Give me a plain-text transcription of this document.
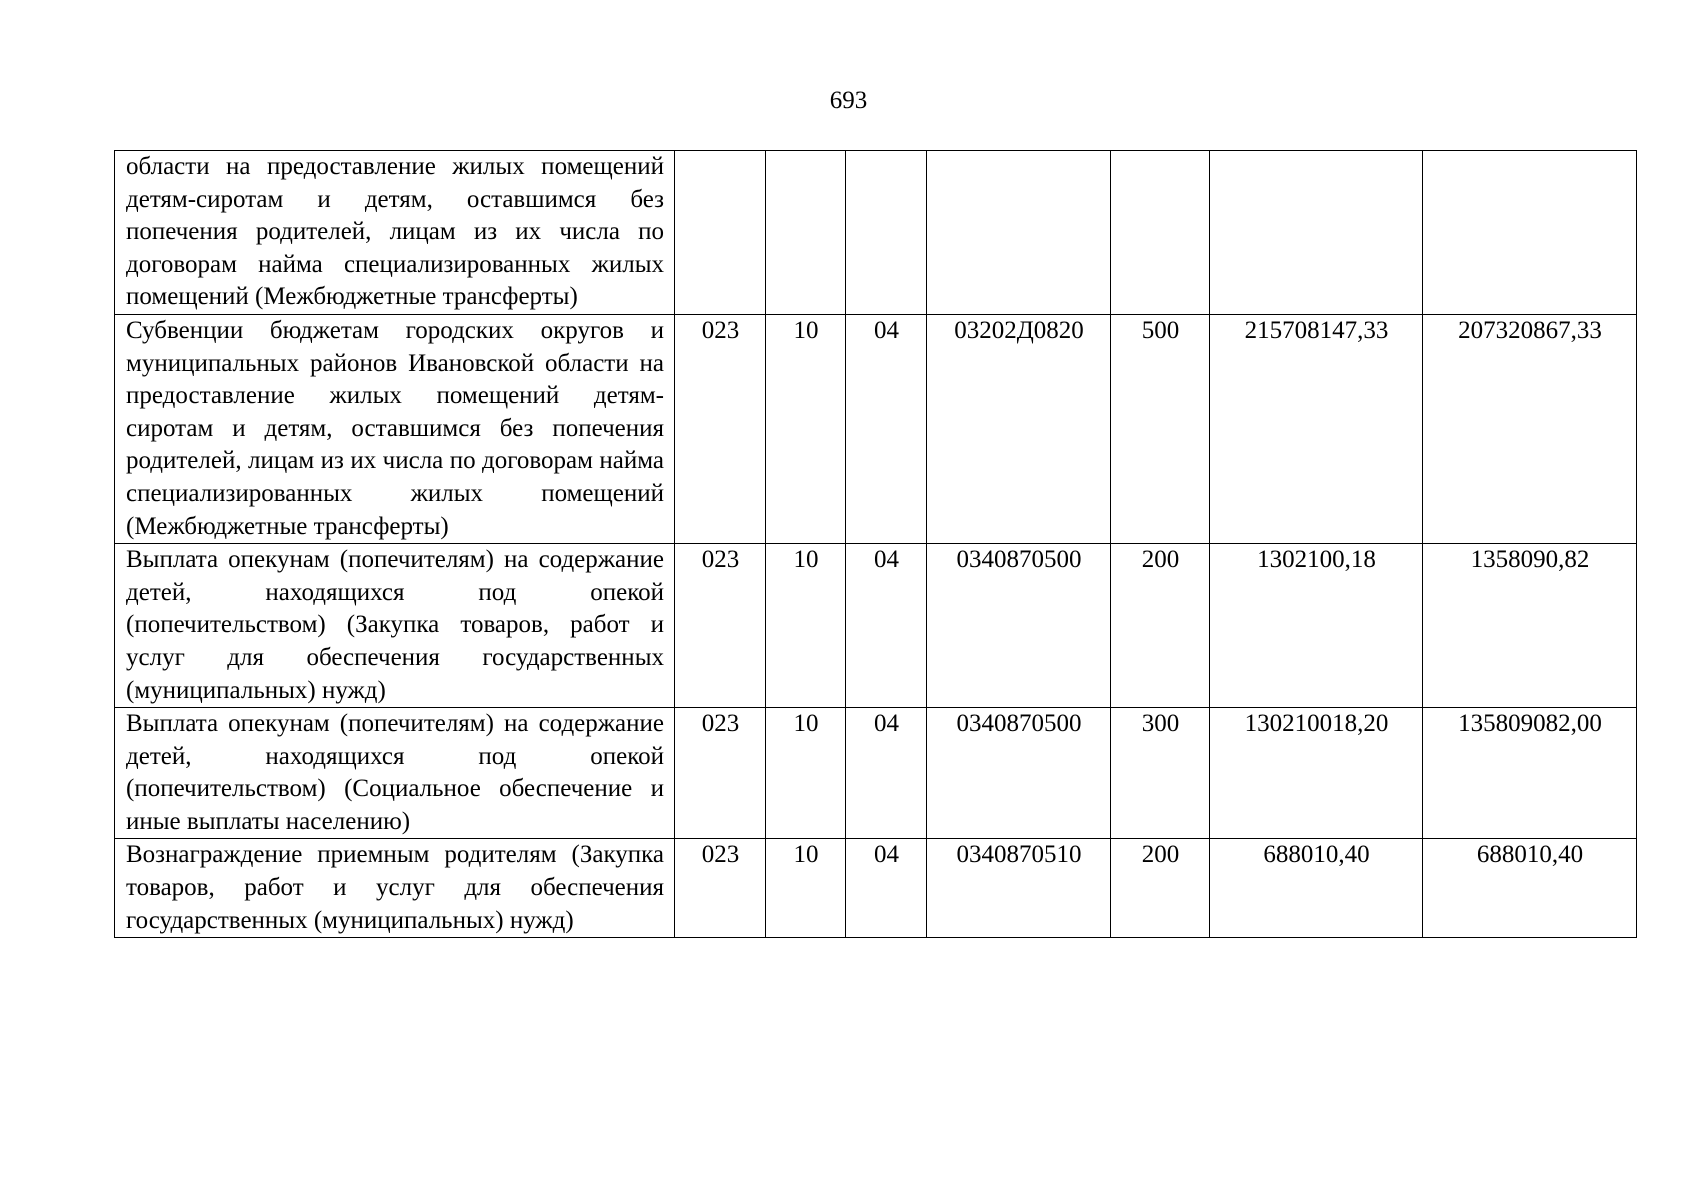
693
области на предоставление жилых помещений детям-сиротам и детям, оставшимся без попечения родителей, лицам из их числа по договорам найма специализированных жилых помещений (Межбюджетные трансферты)							
Субвенции бюджетам городских округов и муниципальных районов Ивановской области на предоставление жилых помещений детям-сиротам и детям, оставшимся без попечения родителей, лицам из их числа по договорам найма специализированных жилых помещений (Межбюджетные трансферты)	023	10	04	03202Д0820	500	215708147,33	207320867,33
Выплата опекунам (попечителям) на содержание детей, находящихся под опекой (попечительством) (Закупка товаров, работ и услуг для обеспечения государственных (муниципальных) нужд)	023	10	04	0340870500	200	1302100,18	1358090,82
Выплата опекунам (попечителям) на содержание детей, находящихся под опекой (попечительством) (Социальное обеспечение и иные выплаты населению)	023	10	04	0340870500	300	130210018,20	135809082,00
Вознаграждение приемным родителям (Закупка товаров, работ и услуг для обеспечения государственных (муниципальных) нужд)	023	10	04	0340870510	200	688010,40	688010,40
